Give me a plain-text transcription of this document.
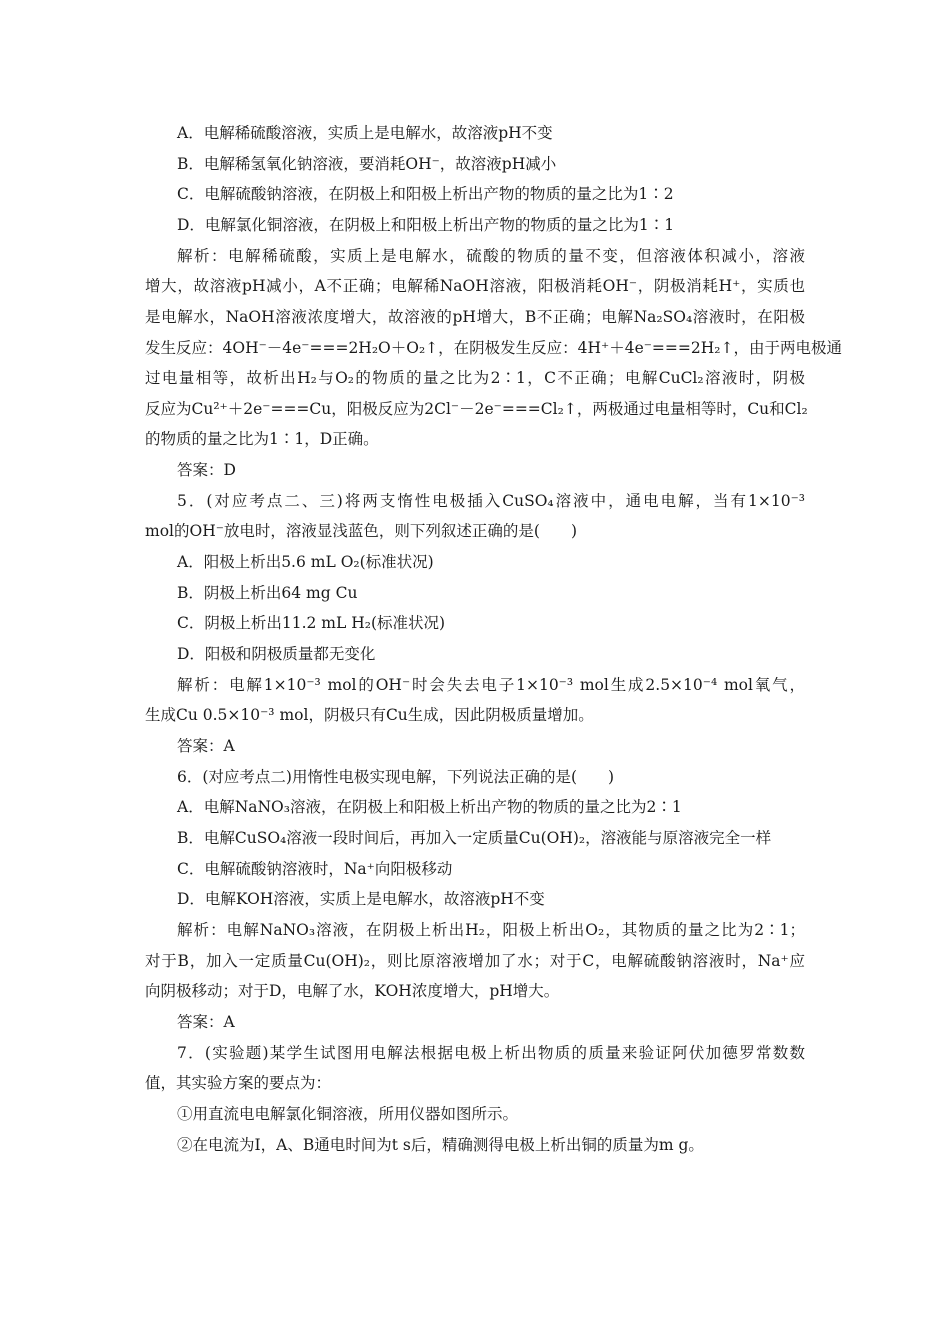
A．电解稀硫酸溶液，实质上是电解水，故溶液pH不变
B．电解稀氢氧化钠溶液，要消耗OH⁻，故溶液pH减小
C．电解硫酸钠溶液，在阴极上和阳极上析出产物的物质的量之比为1∶2
D．电解氯化铜溶液，在阴极上和阳极上析出产物的物质的量之比为1∶1
解析：电解稀硫酸，实质上是电解水，硫酸的物质的量不变，但溶液体积减小，溶液
增大，故溶液pH减小，A不正确；电解稀NaOH溶液，阳极消耗OH⁻，阴极消耗H⁺，实质也
是电解水，NaOH溶液浓度增大，故溶液的pH增大，B不正确；电解Na₂SO₄溶液时，在阳极
发生反应：4OH⁻－4e⁻===2H₂O＋O₂↑，在阴极发生反应：4H⁺＋4e⁻===2H₂↑，由于两电极通
过电量相等，故析出H₂与O₂的物质的量之比为2∶1，C不正确；电解CuCl₂溶液时，阴极
反应为Cu²⁺＋2e⁻===Cu，阳极反应为2Cl⁻－2e⁻===Cl₂↑，两极通过电量相等时，Cu和Cl₂
的物质的量之比为1∶1，D正确。
答案：D
5．(对应考点二、三)将两支惰性电极插入CuSO₄溶液中，通电电解，当有1×10⁻³
mol的OH⁻放电时，溶液显浅蓝色，则下列叙述正确的是(　　)
A．阳极上析出5.6 mL O₂(标准状况)
B．阴极上析出64 mg Cu
C．阴极上析出11.2 mL H₂(标准状况)
D．阳极和阴极质量都无变化
解析：电解1×10⁻³ mol的OH⁻时会失去电子1×10⁻³ mol生成2.5×10⁻⁴ mol氧气，
生成Cu 0.5×10⁻³ mol，阴极只有Cu生成，因此阴极质量增加。
答案：A
6．(对应考点二)用惰性电极实现电解，下列说法正确的是(　　)
A．电解NaNO₃溶液，在阴极上和阳极上析出产物的物质的量之比为2∶1
B．电解CuSO₄溶液一段时间后，再加入一定质量Cu(OH)₂，溶液能与原溶液完全一样
C．电解硫酸钠溶液时，Na⁺向阳极移动
D．电解KOH溶液，实质上是电解水，故溶液pH不变
解析：电解NaNO₃溶液，在阴极上析出H₂，阳极上析出O₂，其物质的量之比为2∶1；
对于B，加入一定质量Cu(OH)₂，则比原溶液增加了水；对于C，电解硫酸钠溶液时，Na⁺应
向阴极移动；对于D，电解了水，KOH浓度增大，pH增大。
答案：A
7．(实验题)某学生试图用电解法根据电极上析出物质的质量来验证阿伏加德罗常数数
值，其实验方案的要点为：
①用直流电电解氯化铜溶液，所用仪器如图所示。
②在电流为I，A、B通电时间为t s后，精确测得电极上析出铜的质量为m g。
